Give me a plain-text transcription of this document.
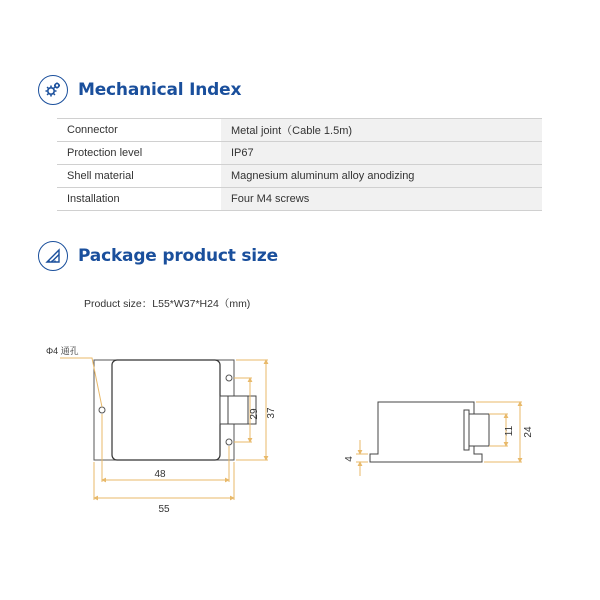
Mechanical Index
Connector	Metal joint（Cable 1.5m)
Protection level	IP67
Shell material	Magnesium aluminum alloy anodizing
Installation	Four M4 screws
Package product size
Product size：L55*W37*H24（mm)
Φ4 通孔
48
55
29 37
11 24
4
